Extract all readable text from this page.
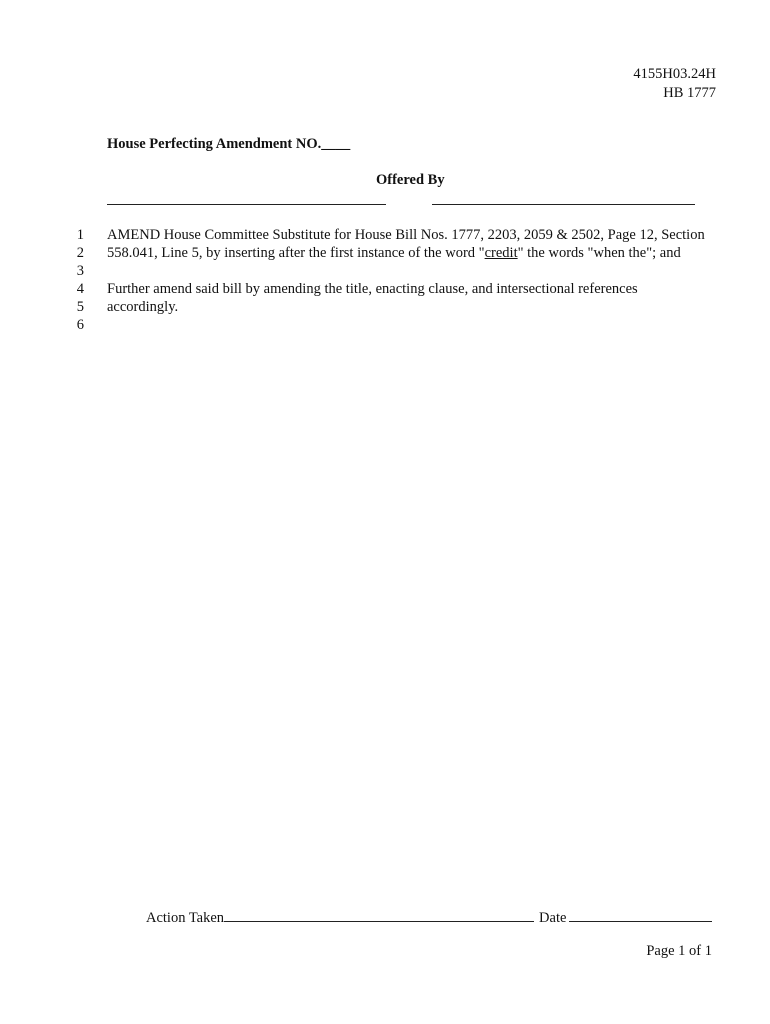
4155H03.24H
HB 1777
House Perfecting Amendment NO.____
Offered By
1
2
3
4
5
6

AMEND House Committee Substitute for House Bill Nos. 1777, 2203, 2059 & 2502, Page 12, Section 558.041, Line 5, by inserting after the first instance of the word "credit" the words "when the"; and

Further amend said bill by amending the title, enacting clause, and intersectional references accordingly.

Action Taken	Date
Page 1 of 1
